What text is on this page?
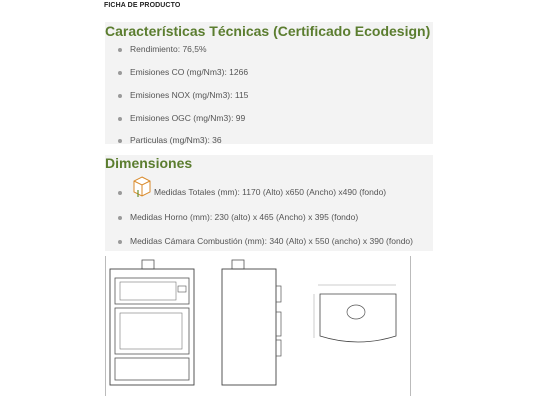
FICHA DE PRODUCTO
Características Técnicas (Certificado Ecodesign)
Rendimiento: 76,5%
Emisiones CO (mg/Nm3): 1266
Emisiones NOX (mg/Nm3): 115
Emisiones OGC (mg/Nm3): 99
Particulas (mg/Nm3): 36
Dimensiones
Medidas Totales (mm): 1170 (Alto) x650 (Ancho) x490 (fondo)
Medidas Horno (mm): 230 (alto) x 465 (Ancho) x 395 (fondo)
Medidas Cámara Combustión (mm): 340 (Alto) x 550 (ancho) x 390 (fondo)
